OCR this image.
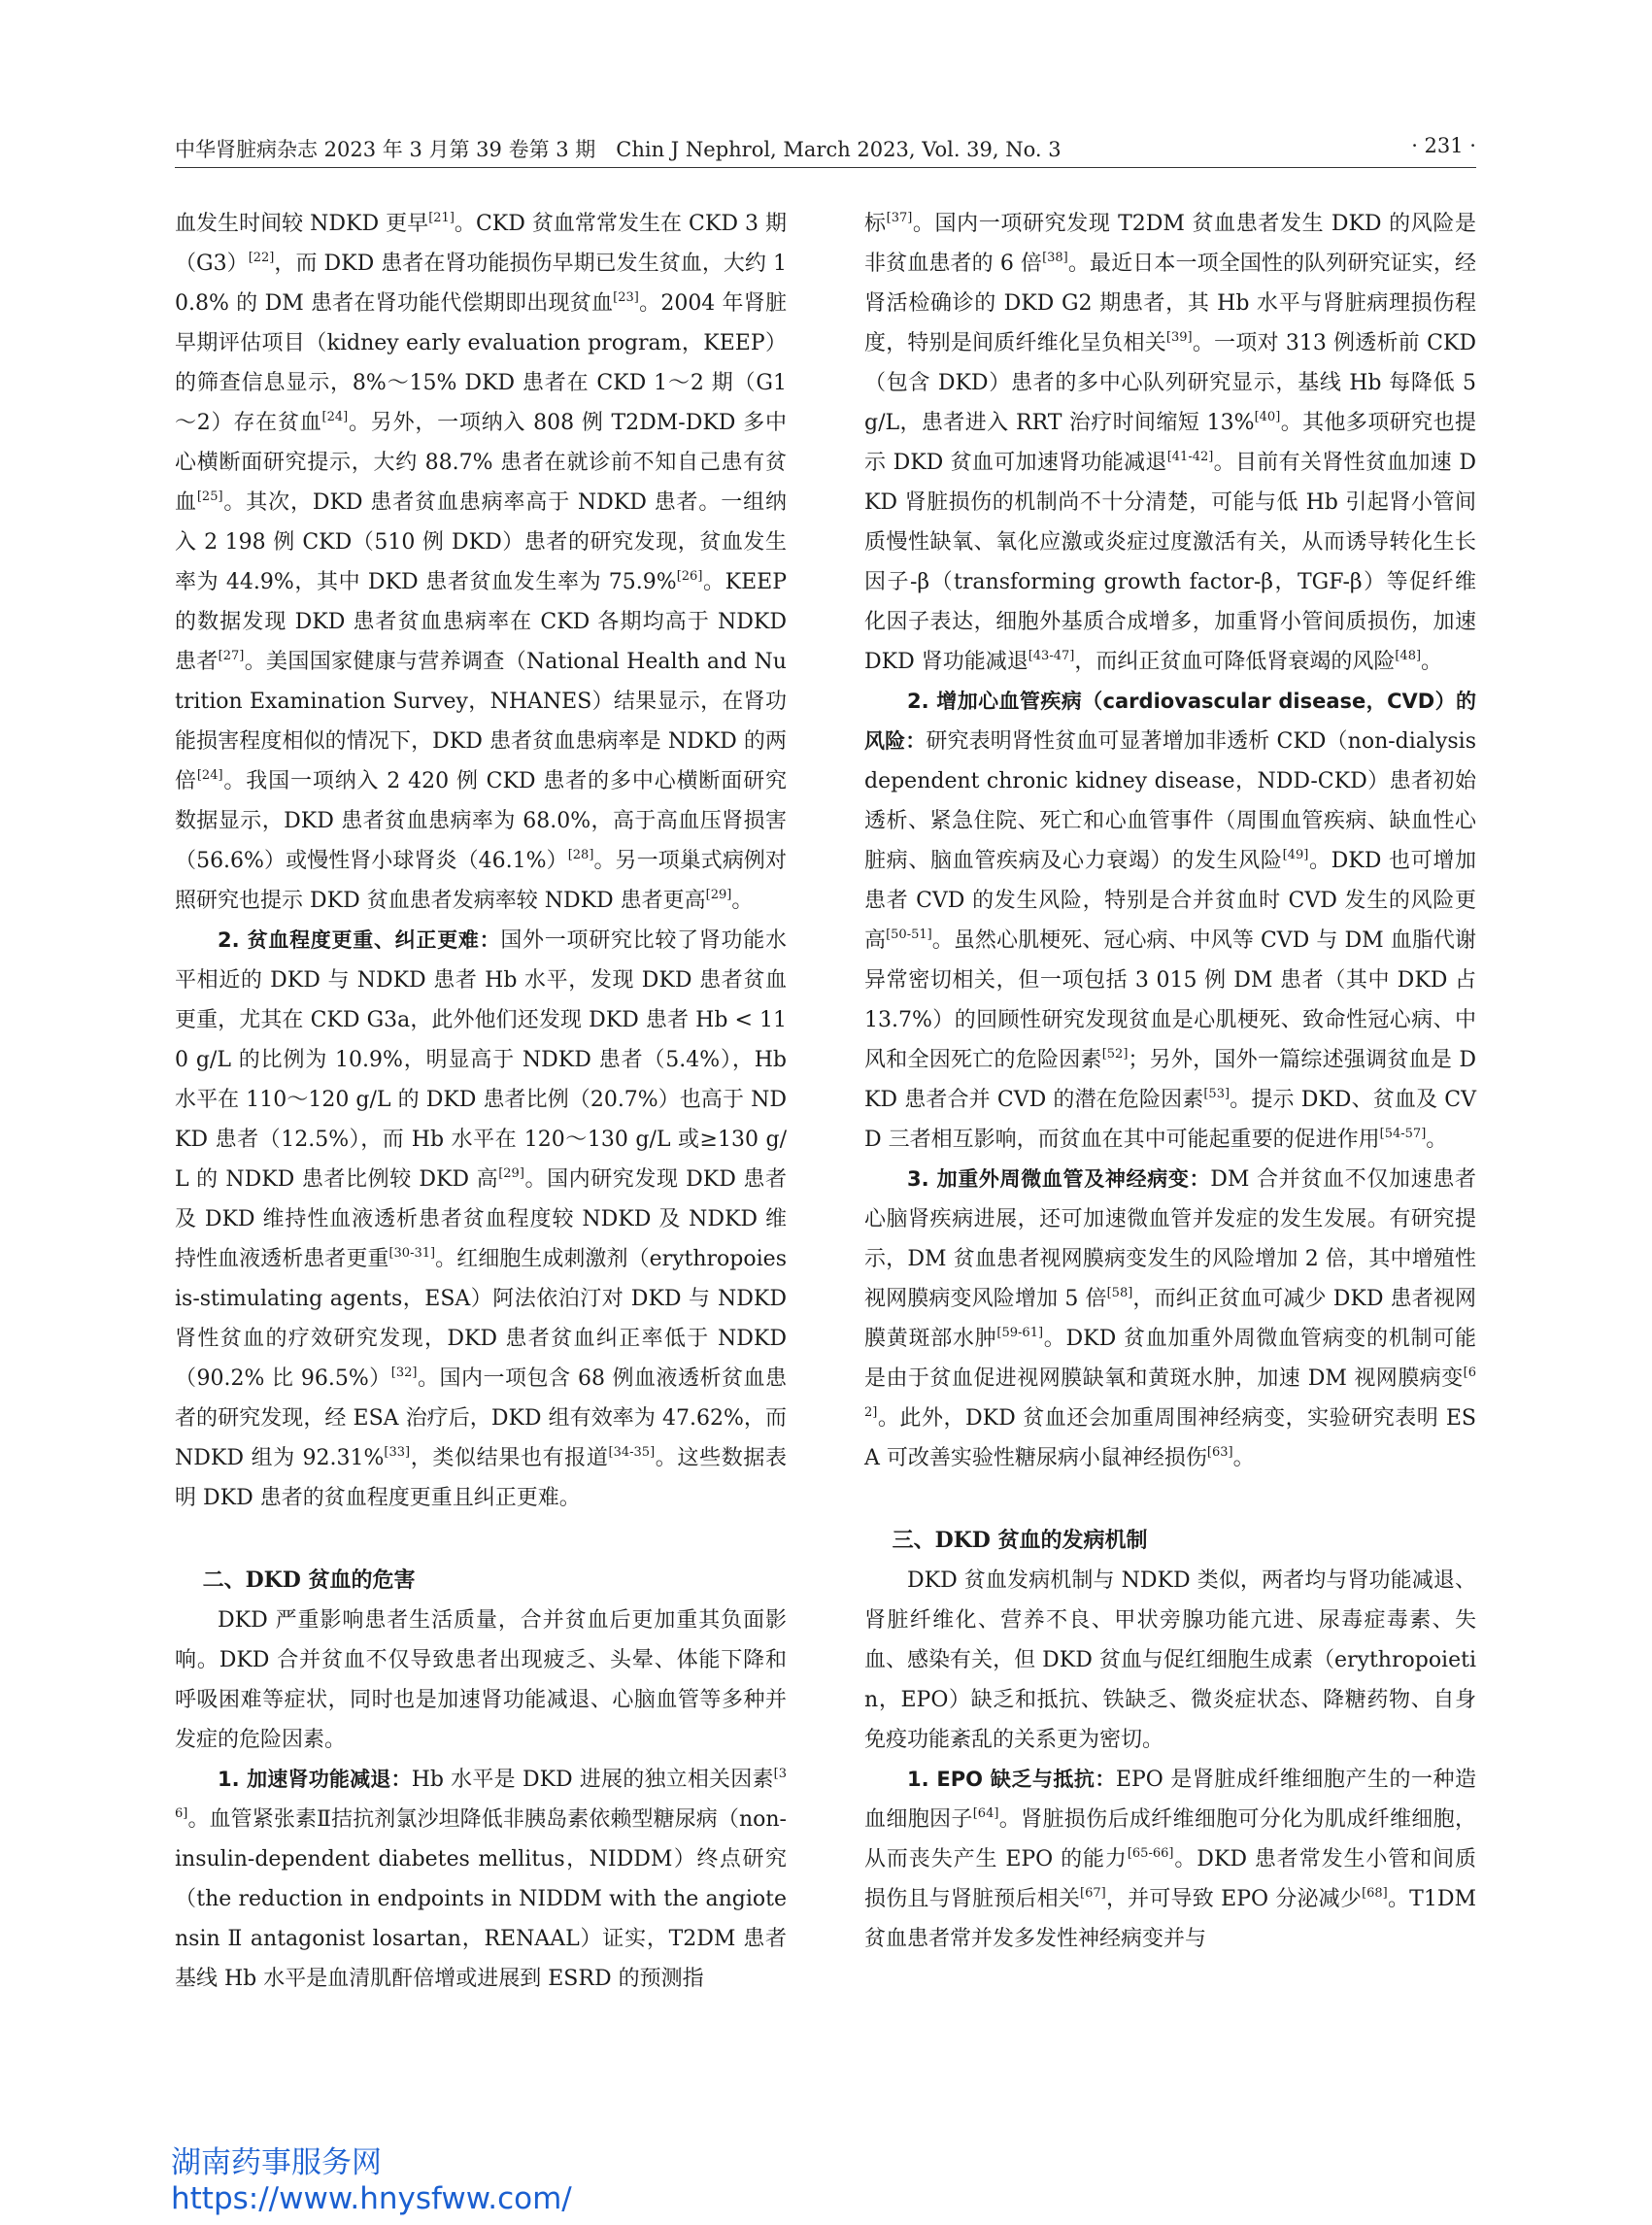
中华肾脏病杂志 2023 年 3 月第 39 卷第 3 期　Chin J Nephrol, March 2023, Vol. 39, No. 3	· 231 ·

血发生时间较 NDKD 更早[21]。CKD 贫血常常发生在 CKD 3 期（G3）[22]，而 DKD 患者在肾功能损伤早期已发生贫血，大约 10.8% 的 DM 患者在肾功能代偿期即出现贫血[23]。2004 年肾脏早期评估项目（kidney early evaluation program，KEEP）的筛查信息显示，8%～15% DKD 患者在 CKD 1～2 期（G1～2）存在贫血[24]。另外，一项纳入 808 例 T2DM-DKD 多中心横断面研究提示，大约 88.7% 患者在就诊前不知自己患有贫血[25]。其次，DKD 患者贫血患病率高于 NDKD 患者。一组纳入 2 198 例 CKD（510 例 DKD）患者的研究发现，贫血发生率为 44.9%，其中 DKD 患者贫血发生率为 75.9%[26]。KEEP 的数据发现 DKD 患者贫血患病率在 CKD 各期均高于 NDKD 患者[27]。美国国家健康与营养调查（National Health and Nutrition Examination Survey，NHANES）结果显示，在肾功能损害程度相似的情况下，DKD 患者贫血患病率是 NDKD 的两倍[24]。我国一项纳入 2 420 例 CKD 患者的多中心横断面研究数据显示，DKD 患者贫血患病率为 68.0%，高于高血压肾损害（56.6%）或慢性肾小球肾炎（46.1%）[28]。另一项巢式病例对照研究也提示 DKD 贫血患者发病率较 NDKD 患者更高[29]。

2. 贫血程度更重、纠正更难：国外一项研究比较了肾功能水平相近的 DKD 与 NDKD 患者 Hb 水平，发现 DKD 患者贫血更重，尤其在 CKD G3a，此外他们还发现 DKD 患者 Hb < 110 g/L 的比例为 10.9%，明显高于 NDKD 患者（5.4%），Hb 水平在 110～120 g/L 的 DKD 患者比例（20.7%）也高于 NDKD 患者（12.5%），而 Hb 水平在 120～130 g/L 或≥130 g/L 的 NDKD 患者比例较 DKD 高[29]。国内研究发现 DKD 患者及 DKD 维持性血液透析患者贫血程度较 NDKD 及 NDKD 维持性血液透析患者更重[30-31]。红细胞生成刺激剂（erythropoiesis-stimulating agents，ESA）阿法依泊汀对 DKD 与 NDKD 肾性贫血的疗效研究发现，DKD 患者贫血纠正率低于 NDKD（90.2% 比 96.5%）[32]。国内一项包含 68 例血液透析贫血患者的研究发现，经 ESA 治疗后，DKD 组有效率为 47.62%，而 NDKD 组为 92.31%[33]，类似结果也有报道[34-35]。这些数据表明 DKD 患者的贫血程度更重且纠正更难。

二、DKD 贫血的危害

DKD 严重影响患者生活质量，合并贫血后更加重其负面影响。DKD 合并贫血不仅导致患者出现疲乏、头晕、体能下降和呼吸困难等症状，同时也是加速肾功能减退、心脑血管等多种并发症的危险因素。

1. 加速肾功能减退：Hb 水平是 DKD 进展的独立相关因素[36]。血管紧张素Ⅱ拮抗剂氯沙坦降低非胰岛素依赖型糖尿病（non-insulin-dependent diabetes mellitus，NIDDM）终点研究（the reduction in endpoints in NIDDM with the angiotensin Ⅱ antagonist losartan，RENAAL）证实，T2DM 患者基线 Hb 水平是血清肌酐倍增或进展到 ESRD 的预测指

标[37]。国内一项研究发现 T2DM 贫血患者发生 DKD 的风险是非贫血患者的 6 倍[38]。最近日本一项全国性的队列研究证实，经肾活检确诊的 DKD G2 期患者，其 Hb 水平与肾脏病理损伤程度，特别是间质纤维化呈负相关[39]。一项对 313 例透析前 CKD（包含 DKD）患者的多中心队列研究显示，基线 Hb 每降低 5 g/L，患者进入 RRT 治疗时间缩短 13%[40]。其他多项研究也提示 DKD 贫血可加速肾功能减退[41-42]。目前有关肾性贫血加速 DKD 肾脏损伤的机制尚不十分清楚，可能与低 Hb 引起肾小管间质慢性缺氧、氧化应激或炎症过度激活有关，从而诱导转化生长因子-β（transforming growth factor-β，TGF-β）等促纤维化因子表达，细胞外基质合成增多，加重肾小管间质损伤，加速 DKD 肾功能减退[43-47]，而纠正贫血可降低肾衰竭的风险[48]。

2. 增加心血管疾病（cardiovascular disease，CVD）的风险：研究表明肾性贫血可显著增加非透析 CKD（non-dialysis dependent chronic kidney disease，NDD-CKD）患者初始透析、紧急住院、死亡和心血管事件（周围血管疾病、缺血性心脏病、脑血管疾病及心力衰竭）的发生风险[49]。DKD 也可增加患者 CVD 的发生风险，特别是合并贫血时 CVD 发生的风险更高[50-51]。虽然心肌梗死、冠心病、中风等 CVD 与 DM 血脂代谢异常密切相关，但一项包括 3 015 例 DM 患者（其中 DKD 占 13.7%）的回顾性研究发现贫血是心肌梗死、致命性冠心病、中风和全因死亡的危险因素[52]；另外，国外一篇综述强调贫血是 DKD 患者合并 CVD 的潜在危险因素[53]。提示 DKD、贫血及 CVD 三者相互影响，而贫血在其中可能起重要的促进作用[54-57]。

3. 加重外周微血管及神经病变：DM 合并贫血不仅加速患者心脑肾疾病进展，还可加速微血管并发症的发生发展。有研究提示，DM 贫血患者视网膜病变发生的风险增加 2 倍，其中增殖性视网膜病变风险增加 5 倍[58]，而纠正贫血可减少 DKD 患者视网膜黄斑部水肿[59-61]。DKD 贫血加重外周微血管病变的机制可能是由于贫血促进视网膜缺氧和黄斑水肿，加速 DM 视网膜病变[62]。此外，DKD 贫血还会加重周围神经病变，实验研究表明 ESA 可改善实验性糖尿病小鼠神经损伤[63]。

三、DKD 贫血的发病机制

DKD 贫血发病机制与 NDKD 类似，两者均与肾功能减退、肾脏纤维化、营养不良、甲状旁腺功能亢进、尿毒症毒素、失血、感染有关，但 DKD 贫血与促红细胞生成素（erythropoietin，EPO）缺乏和抵抗、铁缺乏、微炎症状态、降糖药物、自身免疫功能紊乱的关系更为密切。

1. EPO 缺乏与抵抗：EPO 是肾脏成纤维细胞产生的一种造血细胞因子[64]。肾脏损伤后成纤维细胞可分化为肌成纤维细胞，从而丧失产生 EPO 的能力[65-66]。DKD 患者常发生小管和间质损伤且与肾脏预后相关[67]，并可导致 EPO 分泌减少[68]。T1DM 贫血患者常并发多发性神经病变并与

湖南药事服务网
https://www.hnysfww.com/
